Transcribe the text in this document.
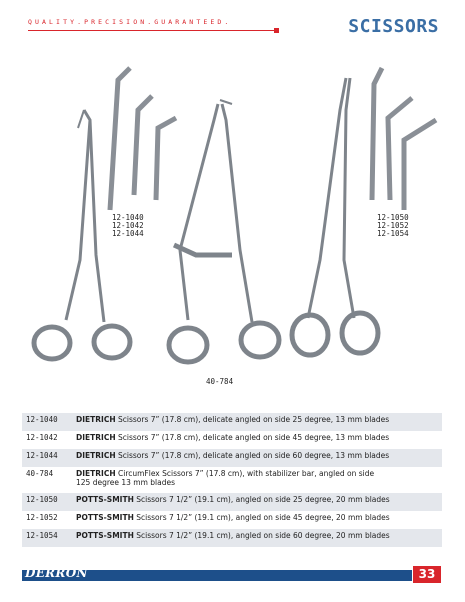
QUALITY.PRECISION.GUARANTEED.	SCISSORS
12-1040
12-1042
12-1044
12-1050
12-1052
12-1054
40-784
12-1040	DIETRICH Scissors 7” (17.8 cm), delicate angled on side 25 degree, 13 mm blades
12-1042	DIETRICH Scissors 7” (17.8 cm), delicate angled on side 45 degree, 13 mm blades
12-1044	DIETRICH Scissors 7” (17.8 cm), delicate angled on side 60 degree, 13 mm blades
40-784	DIETRICH CircumFlex Scissors 7” (17.8 cm), with stabilizer bar, angled on side
125 degree 13 mm blades
12-1050	POTTS-SMITH Scissors 7 1/2” (19.1 cm), angled on side 25 degree, 20 mm blades
12-1052	POTTS-SMITH Scissors 7 1/2” (19.1 cm), angled on side 45 degree, 20 mm blades
12-1054	POTTS-SMITH Scissors 7 1/2” (19.1 cm), angled on side 60 degree, 20 mm blades
DERRON	33
